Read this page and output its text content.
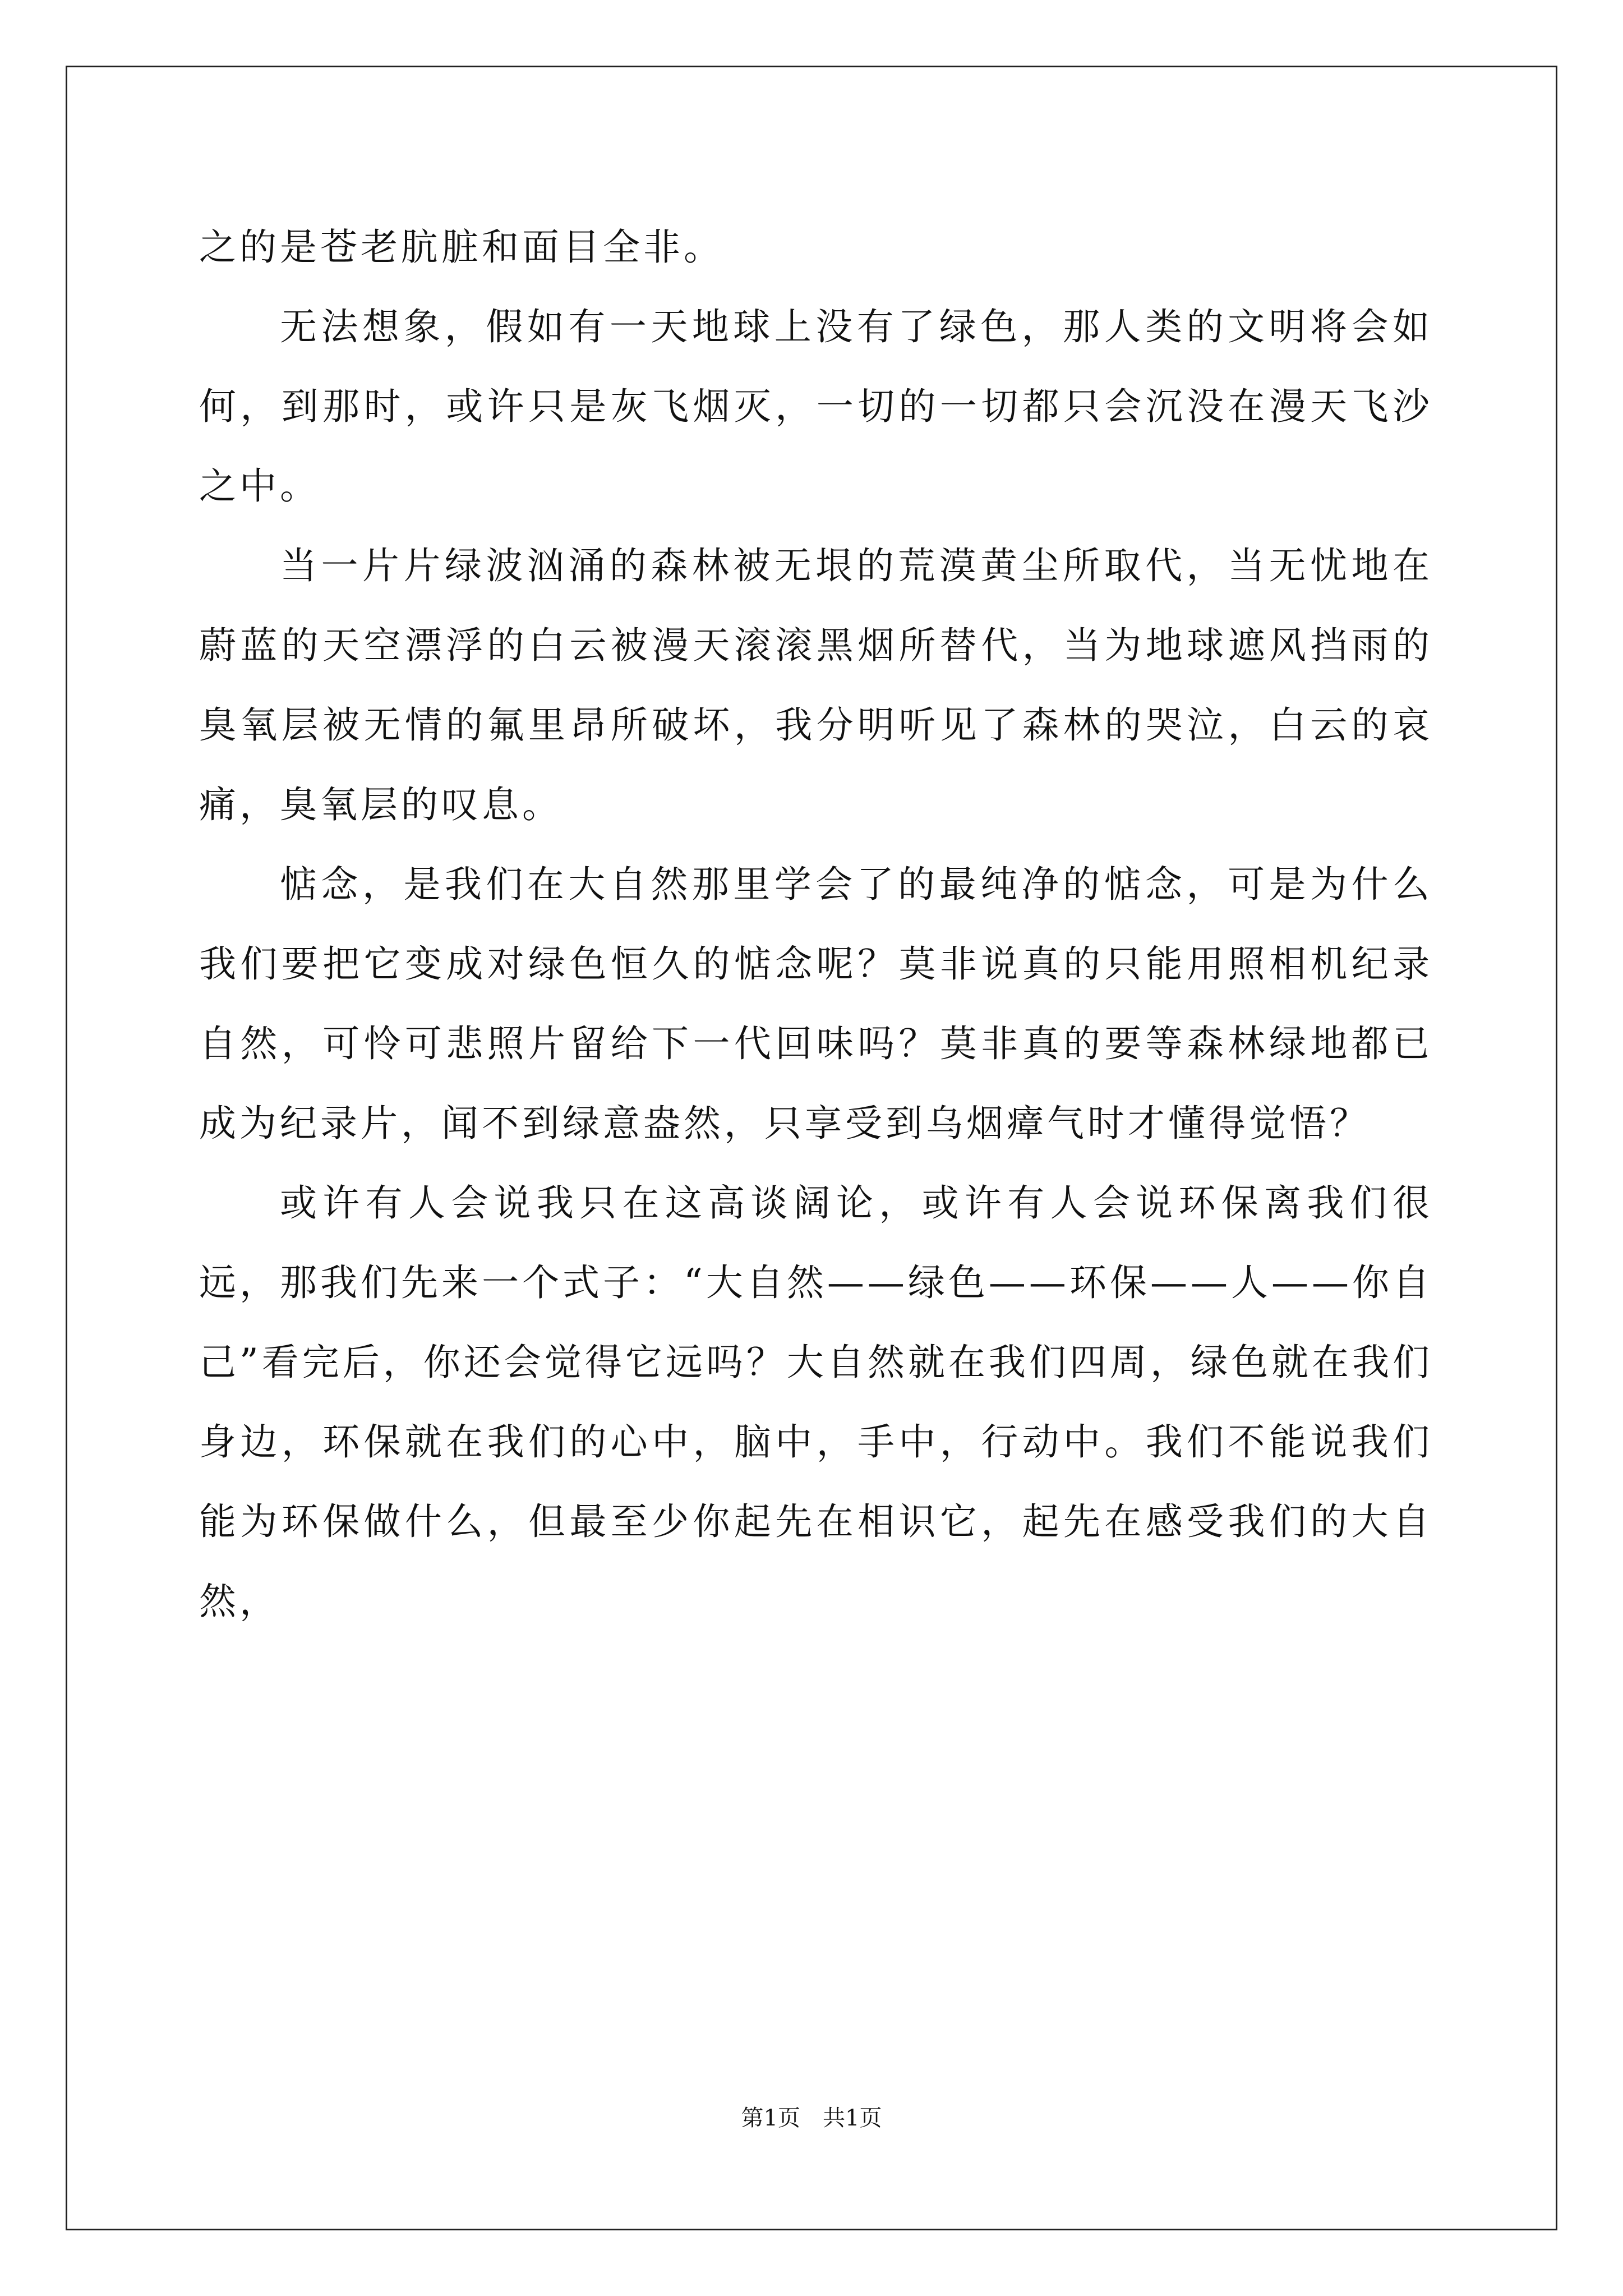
之的是苍老肮脏和面目全非。

无法想象，假如有一天地球上没有了绿色，那人类的文明将会如何，到那时，或许只是灰飞烟灭，一切的一切都只会沉没在漫天飞沙之中。

当一片片绿波汹涌的森林被无垠的荒漠黄尘所取代，当无忧地在蔚蓝的天空漂浮的白云被漫天滚滚黑烟所替代，当为地球遮风挡雨的臭氧层被无情的氟里昂所破坏，我分明听见了森林的哭泣，白云的哀痛，臭氧层的叹息。

惦念，是我们在大自然那里学会了的最纯净的惦念，可是为什么我们要把它变成对绿色恒久的惦念呢？莫非说真的只能用照相机纪录自然，可怜可悲照片留给下一代回味吗？莫非真的要等森林绿地都已成为纪录片，闻不到绿意盎然，只享受到乌烟瘴气时才懂得觉悟？

或许有人会说我只在这高谈阔论，或许有人会说环保离我们很远，那我们先来一个式子：“大自然——绿色——环保——人——你自己”看完后，你还会觉得它远吗？大自然就在我们四周，绿色就在我们身边，环保就在我们的心中，脑中，手中，行动中。我们不能说我们能为环保做什么，但最至少你起先在相识它，起先在感受我们的大自然，

第1页　共1页
